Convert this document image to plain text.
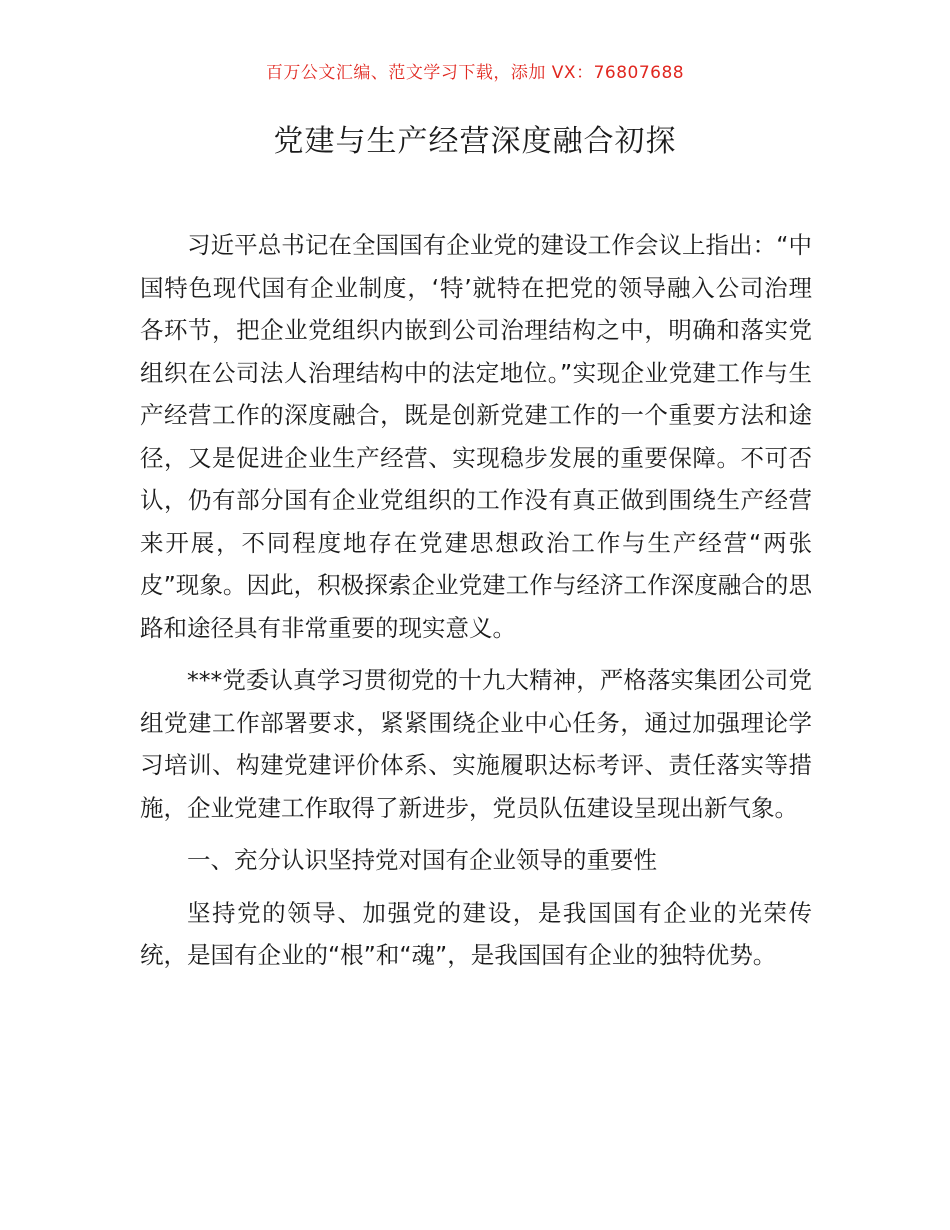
百万公文汇编、范文学习下载，添加 VX：76807688
党建与生产经营深度融合初探

习近平总书记在全国国有企业党的建设工作会议上指出：“中国特色现代国有企业制度，‘特’就特在把党的领导融入公司治理各环节，把企业党组织内嵌到公司治理结构之中，明确和落实党组织在公司法人治理结构中的法定地位。”实现企业党建工作与生产经营工作的深度融合，既是创新党建工作的一个重要方法和途径，又是促进企业生产经营、实现稳步发展的重要保障。不可否认，仍有部分国有企业党组织的工作没有真正做到围绕生产经营来开展，不同程度地存在党建思想政治工作与生产经营“两张皮”现象。因此，积极探索企业党建工作与经济工作深度融合的思路和途径具有非常重要的现实意义。

***党委认真学习贯彻党的十九大精神，严格落实集团公司党组党建工作部署要求，紧紧围绕企业中心任务，通过加强理论学习培训、构建党建评价体系、实施履职达标考评、责任落实等措施，企业党建工作取得了新进步，党员队伍建设呈现出新气象。

一、充分认识坚持党对国有企业领导的重要性

坚持党的领导、加强党的建设，是我国国有企业的光荣传统，是国有企业的“根”和“魂”，是我国国有企业的独特优势。
